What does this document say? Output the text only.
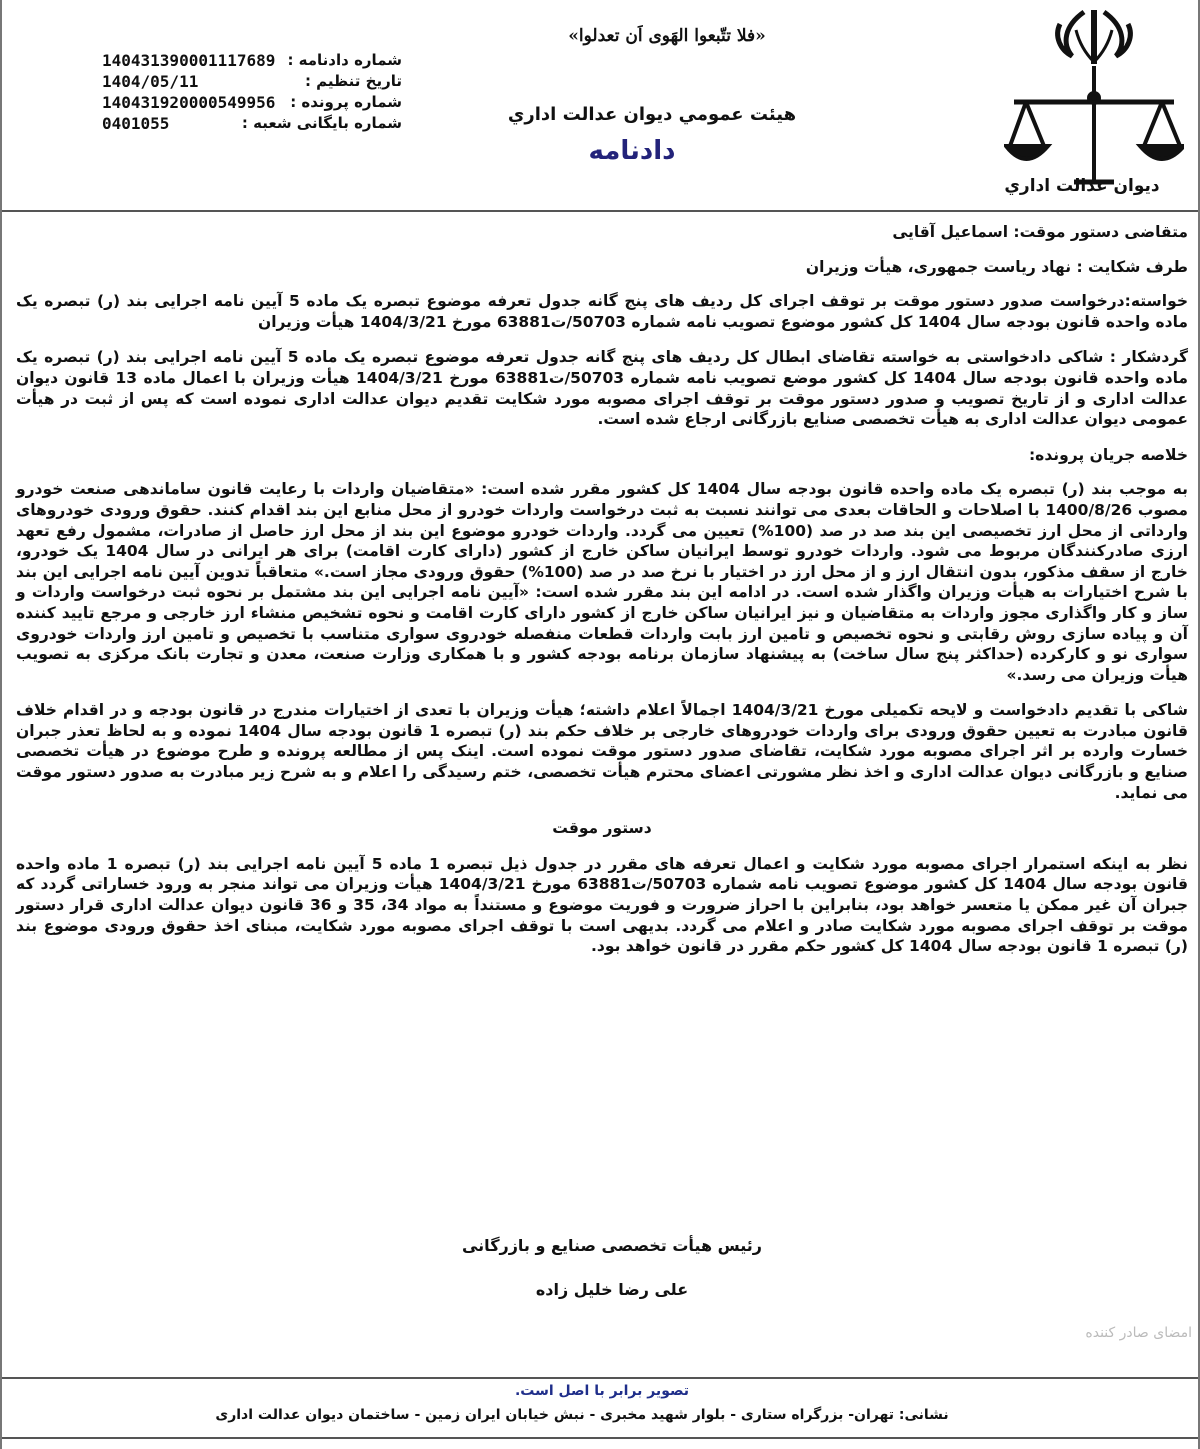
ديوان عدالت اداري
«فلا تتّبعوا الهَوی اَن تعدلوا»
هیئت عمومي ديوان عدالت اداري
دادنامه
شماره دادنامه :
140431390001117689
تاریخ تنظیم :
1404/05/11
شماره پرونده :
140431920000549956
شماره بایگانی شعبه :
0401055

متقاضی دستور موقت: اسماعیل آقایی

طرف شکایت : نهاد ریاست جمهوری، هیأت وزیران

خواسته:درخواست صدور دستور موقت بر توقف اجرای کل ردیف های پنج گانه جدول تعرفه موضوع تبصره یک ماده 5 آیین نامه اجرایی بند (ر) تبصره یک ماده واحده قانون بودجه سال 1404 کل کشور موضوع تصویب نامه شماره 50703/ت63881 مورخ 1404/3/21 هیأت وزیران

گردشکار : شاکی دادخواستی به خواسته تقاضای ابطال کل ردیف های پنج گانه جدول تعرفه موضوع تبصره یک ماده 5 آیین نامه اجرایی بند (ر) تبصره یک ماده واحده قانون بودجه سال 1404 کل کشور موضع تصویب نامه شماره 50703/ت63881 مورخ 1404/3/21 هیأت وزیران با اعمال ماده 13 قانون دیوان عدالت اداری و از تاریخ تصویب و صدور دستور موقت بر توقف اجرای مصوبه مورد شکایت تقدیم دیوان عدالت اداری نموده است که پس از ثبت در هیأت عمومی دیوان عدالت اداری به هیأت تخصصی صنایع بازرگانی ارجاع شده است.

خلاصه جریان پرونده:

به موجب بند (ر) تبصره یک ماده واحده قانون بودجه سال 1404 کل کشور مقرر شده است: «متقاضیان واردات با رعایت قانون ساماندهی صنعت خودرو مصوب 1400/8/26 با اصلاحات و الحاقات بعدی می توانند نسبت به ثبت درخواست واردات خودرو از محل منابع این بند اقدام کنند. حقوق ورودی خودروهای وارداتی از محل ارز تخصیصی این بند صد در صد (100%) تعیین می گردد. واردات خودرو موضوع این بند از محل ارز حاصل از صادرات، مشمول رفع تعهد ارزی صادرکنندگان مربوط می شود. واردات خودرو توسط ایرانیان ساکن خارج از کشور (دارای کارت اقامت) برای هر ایرانی در سال 1404 یک خودرو، خارج از سقف مذکور، بدون انتقال ارز و از محل ارز در اختیار با نرخ صد در صد (100%) حقوق ورودی مجاز است.» متعاقباً تدوین آیین نامه اجرایی این بند با شرح اختیارات به هیأت وزیران واگذار شده است. در ادامه این بند مقرر شده است: «آیین نامه اجرایی این بند مشتمل بر نحوه ثبت درخواست واردات و ساز و کار واگذاری مجوز واردات به متقاضیان و نیز ایرانیان ساکن خارج از کشور دارای کارت اقامت و نحوه تشخیص منشاء ارز خارجی و مرجع تایید کننده آن و پیاده سازی روش رقابتی و نحوه تخصیص و تامین ارز بابت واردات قطعات منفصله خودروی سواری متناسب با تخصیص و تامین ارز واردات خودروی سواری نو و کارکرده (حداکثر پنج سال ساخت) به پیشنهاد سازمان برنامه بودجه کشور و با همکاری وزارت صنعت، معدن و تجارت بانک مرکزی به تصویب هیأت وزیران می رسد.»

شاکی با تقدیم دادخواست و لایحه تکمیلی مورخ 1404/3/21 اجمالاً اعلام داشته؛ هیأت وزیران با تعدی از اختیارات مندرج در قانون بودجه و در اقدام خلاف قانون مبادرت به تعیین حقوق ورودی برای واردات خودروهای خارجی بر خلاف حکم بند (ر) تبصره 1 قانون بودجه سال 1404 نموده و به لحاظ تعذر جبران خسارت وارده بر اثر اجرای مصوبه مورد شکایت، تقاضای صدور دستور موقت نموده است. اینک پس از مطالعه پرونده و طرح موضوع در هیأت تخصصی صنایع و بازرگانی دیوان عدالت اداری و اخذ نظر مشورتی اعضای محترم هیأت تخصصی، ختم رسیدگی را اعلام و به شرح زیر مبادرت به صدور دستور موقت می نماید.

دستور موقت

نظر به اینکه استمرار اجرای مصوبه مورد شکایت و اعمال تعرفه های مقرر در جدول ذیل تبصره 1 ماده 5 آیین نامه اجرایی بند (ر) تبصره 1 ماده واحده قانون بودجه سال 1404 کل کشور موضوع تصویب نامه شماره 50703/ت63881 مورخ 1404/3/21 هیأت وزیران می تواند منجر به ورود خساراتی گردد که جبران آن غیر ممکن یا متعسر خواهد بود، بنابراین با احراز ضرورت و فوریت موضوع و مستنداً به مواد 34، 35 و 36 قانون دیوان عدالت اداری قرار دستور موقت بر توقف اجرای مصوبه مورد شکایت صادر و اعلام می گردد. بدیهی است با توقف اجرای مصوبه مورد شکایت، مبنای اخذ حقوق ورودی موضوع بند (ر) تبصره 1 قانون بودجه سال 1404 کل کشور حکم مقرر در قانون خواهد بود.

رئیس هیأت تخصصی صنایع و بازرگانی
علی رضا خلیل زاده
امضای صادر کننده
تصویر برابر با اصل است.
نشانی: تهران- بزرگراه ستاری - بلوار شهید مخبری - نبش خیابان ایران زمین - ساختمان دیوان عدالت اداری
